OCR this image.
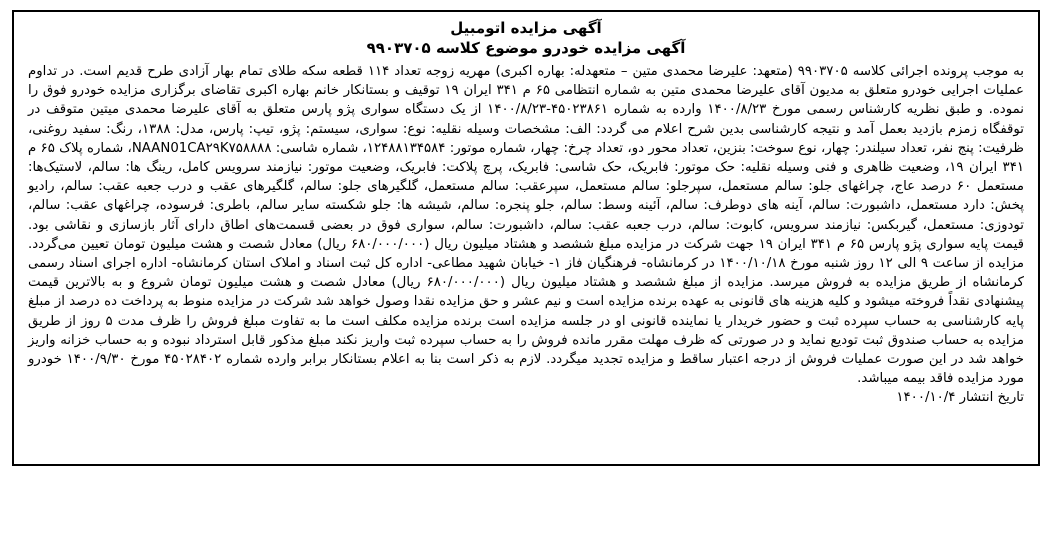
آگهی مزایده اتومبیل
آگهی مزایده خودرو موضوع کلاسه ۹۹۰۳۷۰۵

به موجب پرونده اجرائی کلاسه ۹۹۰۳۷۰۵ (متعهد: علیرضا محمدی متین – متعهدله: بهاره اکبری) مهریه زوجه تعداد ۱۱۴ قطعه سکه طلای تمام بهار آزادی طرح قدیم است. در تداوم عملیات اجرایی خودرو متعلق به مدیون آقای علیرضا محمدی متین به شماره انتظامی ۶۵ م ۳۴۱ ایران ۱۹ توقیف و بستانکار خانم بهاره اکبری تقاضای برگزاری مزایده خودرو فوق را نموده. و طبق نظریه کارشناس رسمی مورخ ۱۴۰۰/۸/۲۳ وارده به شماره ۴۵۰۲۳۸۶۱-۱۴۰۰/۸/۲۳ از یک دستگاه سواری پژو پارس متعلق به آقای علیرضا محمدی میتین متوقف در توقفگاه زمزم بازدید بعمل آمد و نتیجه کارشناسی بدین شرح اعلام می گردد: الف: مشخصات وسیله نقلیه: نوع: سواری، سیستم: پژو، تیپ: پارس، مدل: ۱۳۸۸، رنگ: سفید روغنی، ظرفیت: پنج نفر، تعداد سیلندر: چهار، نوع سوخت: بنزین، تعداد محور دو، تعداد چرخ: چهار، شماره موتور: ۱۲۴۸۸۱۳۴۵۸۴، شماره شاسی: NAAN01CA۲۹K۷۵۸۸۸۸، شماره پلاک ۶۵ م ۳۴۱ ایران ۱۹، وضعیت ظاهری و فنی وسیله نقلیه: حک موتور: فابریک، حک شاسی: فابریک، پرچ پلاکت: فابریک، وضعیت موتور: نیازمند سرویس کامل، رینگ ها: سالم، لاستیک‌ها: مستعمل ۶۰ درصد عاج، چراغهای جلو: سالم مستعمل، سپرجلو: سالم مستعمل، سپرعقب: سالم مستعمل، گلگیرهای جلو: سالم، گلگیرهای عقب و درب جعبه عقب: سالم، رادیو پخش: دارد مستعمل، داشبورت: سالم، آینه های دوطرف: سالم، آئینه وسط: سالم، جلو پنجره: سالم، شیشه ها: جلو شکسته سایر سالم، باطری: فرسوده، چراغهای عقب: سالم، تودوزی: مستعمل، گیربکس: نیازمند سرویس، کابوت: سالم، درب جعبه عقب: سالم، داشبورت: سالم، سواری فوق در بعضی قسمت‌های اطاق دارای آثار بازسازی و نقاشی بود. قیمت پایه سواری پژو پارس ۶۵ م ۳۴۱ ایران ۱۹ جهت شرکت در مزایده مبلغ ششصد و هشتاد میلیون ریال (۶۸۰/۰۰۰/۰۰۰ ریال) معادل شصت و هشت میلیون تومان تعیین می‌گردد. مزایده از ساعت ۹ الی ۱۲ روز شنبه مورخ ۱۴۰۰/۱۰/۱۸ در کرمانشاه- فرهنگیان فاز ۱- خیابان شهید مطاعی- اداره کل ثبت اسناد و املاک استان کرمانشاه- اداره اجرای اسناد رسمی کرمانشاه از طریق مزایده به فروش میرسد. مزایده از مبلغ ششصد و هشتاد میلیون ریال (۶۸۰/۰۰۰/۰۰۰ ریال) معادل شصت و هشت میلیون تومان شروع و به بالاترین قیمت پیشنهادی نقداً فروخته میشود و کلیه هزینه های قانونی به عهده برنده مزایده است و نیم عشر و حق مزایده نقدا وصول خواهد شد شرکت در مزایده منوط به پرداخت ده درصد از مبلغ پایه کارشناسی به حساب سپرده ثبت و حضور خریدار یا نماینده قانونی او در جلسه مزایده است برنده مزایده مکلف است ما به تفاوت مبلغ فروش را ظرف مدت ۵ روز از طریق مزایده به حساب صندوق ثبت تودیع نماید و در صورتی که ظرف مهلت مقرر مانده فروش را به حساب سپرده ثبت واریز نکند مبلغ مذکور قابل استرداد نبوده و به حساب خزانه واریز خواهد شد در این صورت عملیات فروش از درجه اعتبار ساقط و مزایده تجدید میگردد. لازم به ذکر است بنا به اعلام بستانکار برابر وارده شماره ۴۵۰۲۸۴۰۲ مورخ ۱۴۰۰/۹/۳۰ خودرو مورد مزایده فاقد بیمه میباشد.

تاریخ انتشار ۱۴۰۰/۱۰/۴
